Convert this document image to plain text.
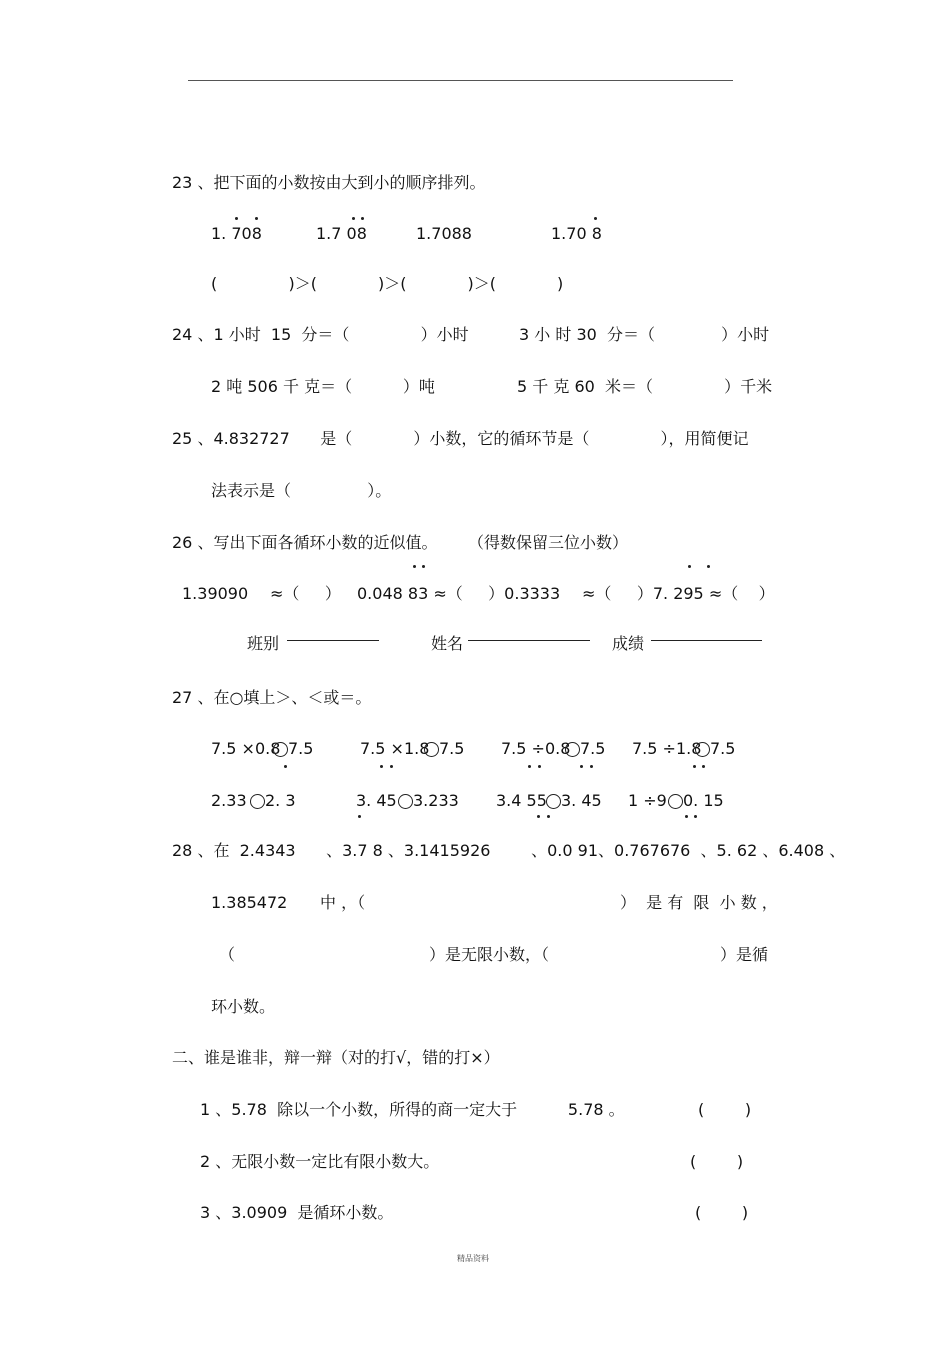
23 、把下面的小数按由大到小的顺序排列。
1. 708	1.7 08	1.7088	1.70 8
(              )＞(            )＞(            )＞(            )
24 、1 小时  15  分＝（              ）小时	3 小 时 30  分＝（             ）小时
2 吨 506 千 克＝（          ）吨	5 千 克 60  米＝（              ）千米
25 、4.832727      是（            ）小数，它的循环节是（              ），用简便记
法表示是（               ）。
26 、写出下面各循环小数的近似值。      （得数保留三位小数）
1.39090 ≈（     ） 0.048 83 ≈（     ）0.3333 ≈（     ）7. 295 ≈（    ）
班别	姓名	成绩
27 、在○填上＞、＜或＝。
7.5 ×0.8 7.5	7.5 ×1.8 7.5 7.5 ÷0.8 7.5 7.5 ÷1.8 7.5
2.33 2. 3	3. 45 3.233 3.4 55 3. 45 1 ÷9 0. 15
28 、在  2.4343      、3.7 8 、3.1415926        、0.0 91、0.767676  、5. 62 、6.408 、
1.385472 中 ，（	）  是 有  限  小 数 ，
（	）是无限小数，（	）是循
环小数。
二、谁是谁非，辩一辩（对的打√，错的打×）
1 、5.78  除以一个小数，所得的商一定大于          5.78 。	(        )
2 、无限小数一定比有限小数大。	(        )
3 、3.0909  是循环小数。	(        )
精品资料
